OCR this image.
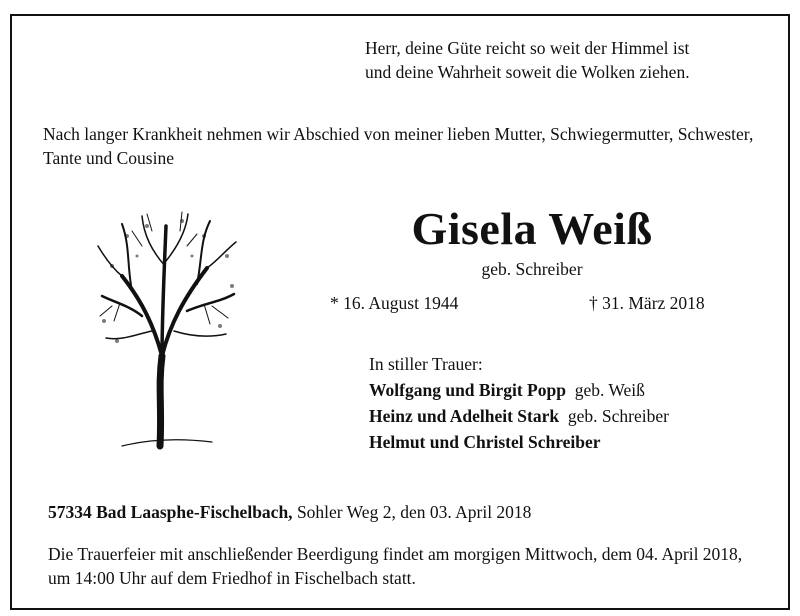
Herr, deine Güte reicht so weit der Himmel ist
und deine Wahrheit soweit die Wolken ziehen.
Nach langer Krankheit nehmen wir Abschied von meiner lieben Mutter, Schwiegermutter, Schwester, Tante und Cousine
Gisela Weiß
geb. Schreiber
* 16. August 1944	† 31. März 2018
In stiller Trauer:
Wolfgang und Birgit Popp geb. Weiß
Heinz und Adelheit Stark geb. Schreiber
Helmut und Christel Schreiber
57334 Bad Laasphe-Fischelbach, Sohler Weg 2, den 03. April 2018
Die Trauerfeier mit anschließender Beerdigung findet am morgigen Mittwoch, dem 04. April 2018, um 14:00 Uhr auf dem Friedhof in Fischelbach statt.
